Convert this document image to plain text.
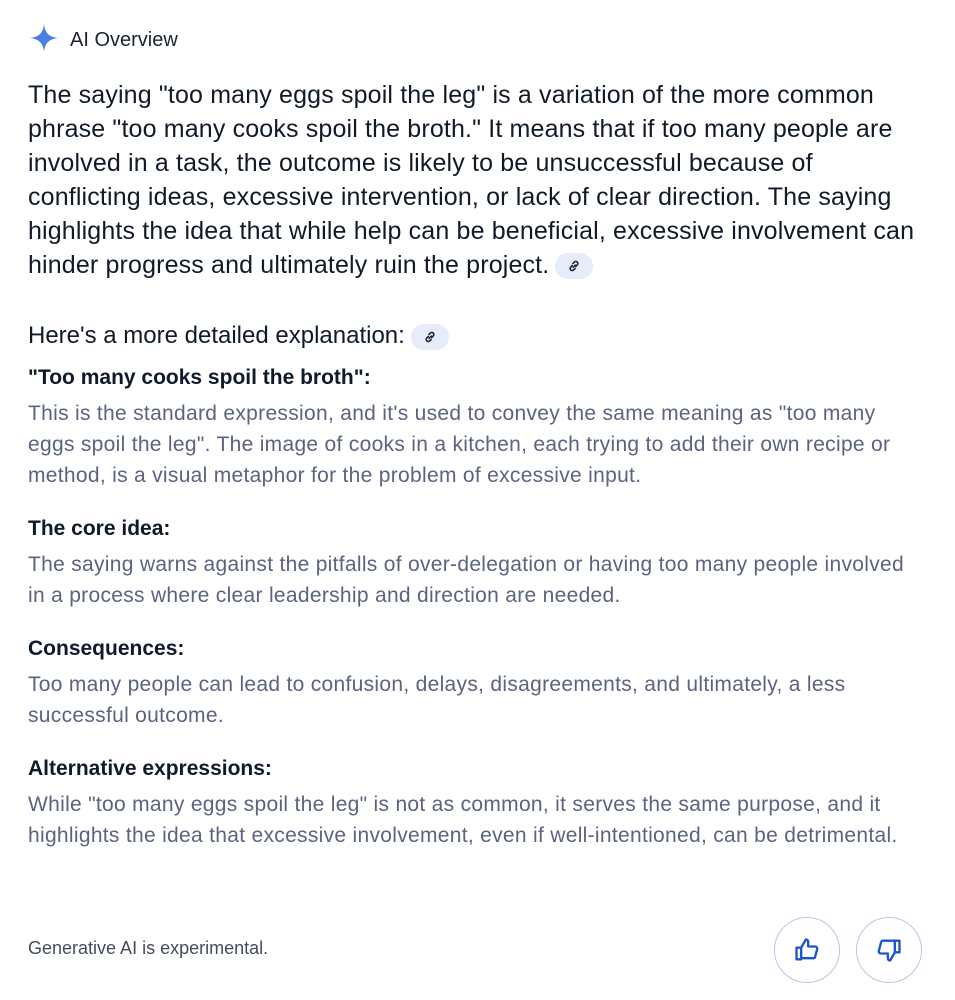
AI Overview

The saying "too many eggs spoil the leg" is a variation of the more common phrase "too many cooks spoil the broth." It means that if too many people are involved in a task, the outcome is likely to be unsuccessful because of conflicting ideas, excessive intervention, or lack of clear direction. The saying highlights the idea that while help can be beneficial, excessive involvement can hinder progress and ultimately ruin the project.

Here's a more detailed explanation:
"Too many cooks spoil the broth":

This is the standard expression, and it's used to convey the same meaning as "too many eggs spoil the leg". The image of cooks in a kitchen, each trying to add their own recipe or method, is a visual metaphor for the problem of excessive input.

The core idea:

The saying warns against the pitfalls of over-delegation or having too many people involved in a process where clear leadership and direction are needed.

Consequences:

Too many people can lead to confusion, delays, disagreements, and ultimately, a less successful outcome.

Alternative expressions:

While "too many eggs spoil the leg" is not as common, it serves the same purpose, and it highlights the idea that excessive involvement, even if well-intentioned, can be detrimental.

Generative AI is experimental.
